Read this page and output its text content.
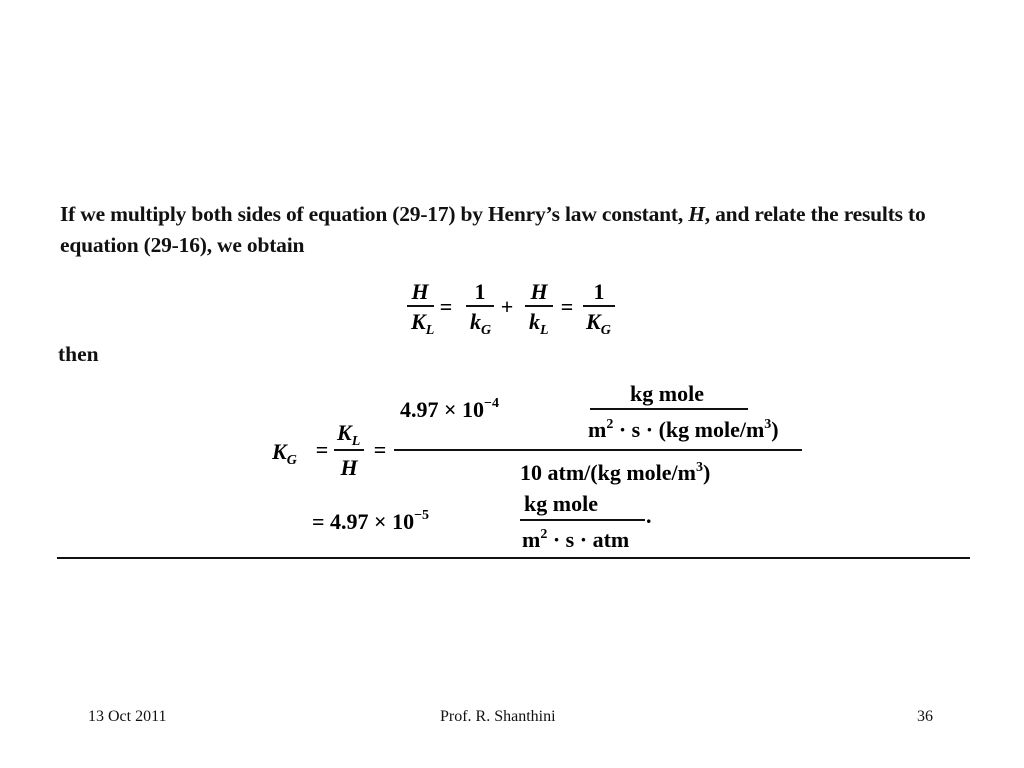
If we multiply both sides of equation (29-17) by Henry’s law constant, H, and relate the results to equation (29-16), we obtain
H
$K_L$
=
1
$k_G$
+
H
$k_L$
=
1
$K_G$
then
$K_G$ =
$K_L$
H
=
$4.97 \times 10^{-4}$	kg mole
$m^2 \cdot s \cdot (kg$ mole/$m^3$)
10 atm/(kg mole/$m^3$)
= $4.97 \times 10^{-5}$	kg mole
$m^2 \cdot s$ · atm
.
13 Oct 2011	Prof. R. Shanthini	36
